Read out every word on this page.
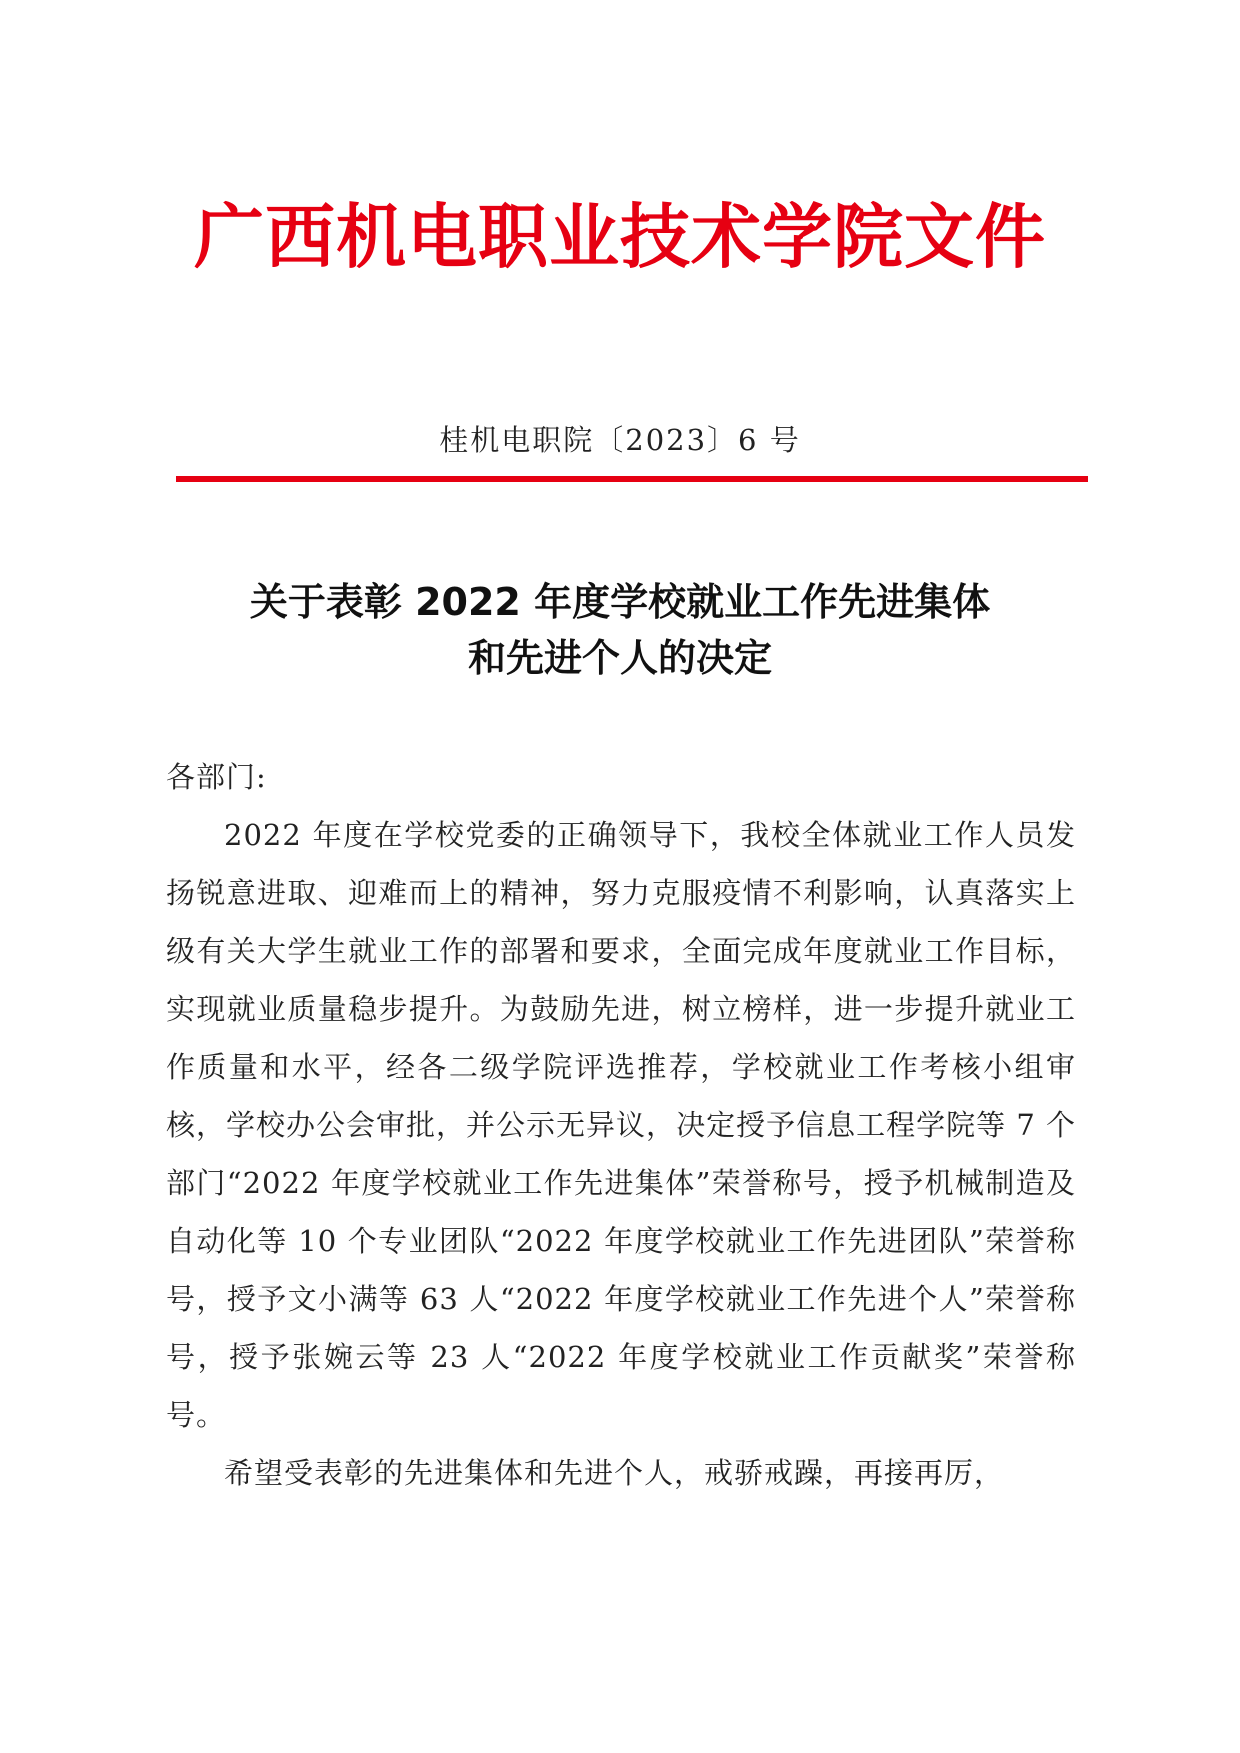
广西机电职业技术学院文件
桂机电职院〔2023〕6 号
关于表彰 2022 年度学校就业工作先进集体
和先进个人的决定
各部门:

2022 年度在学校党委的正确领导下，我校全体就业工作人员发扬锐意进取、迎难而上的精神，努力克服疫情不利影响，认真落实上级有关大学生就业工作的部署和要求，全面完成年度就业工作目标，实现就业质量稳步提升。为鼓励先进，树立榜样，进一步提升就业工作质量和水平，经各二级学院评选推荐，学校就业工作考核小组审核，学校办公会审批，并公示无异议，决定授予信息工程学院等 7 个部门“2022 年度学校就业工作先进集体”荣誉称号，授予机械制造及自动化等 10 个专业团队“2022 年度学校就业工作先进团队”荣誉称号，授予文小满等 63 人“2022 年度学校就业工作先进个人”荣誉称号，授予张婉云等 23 人“2022 年度学校就业工作贡献奖”荣誉称号。

希望受表彰的先进集体和先进个人，戒骄戒躁，再接再厉，
